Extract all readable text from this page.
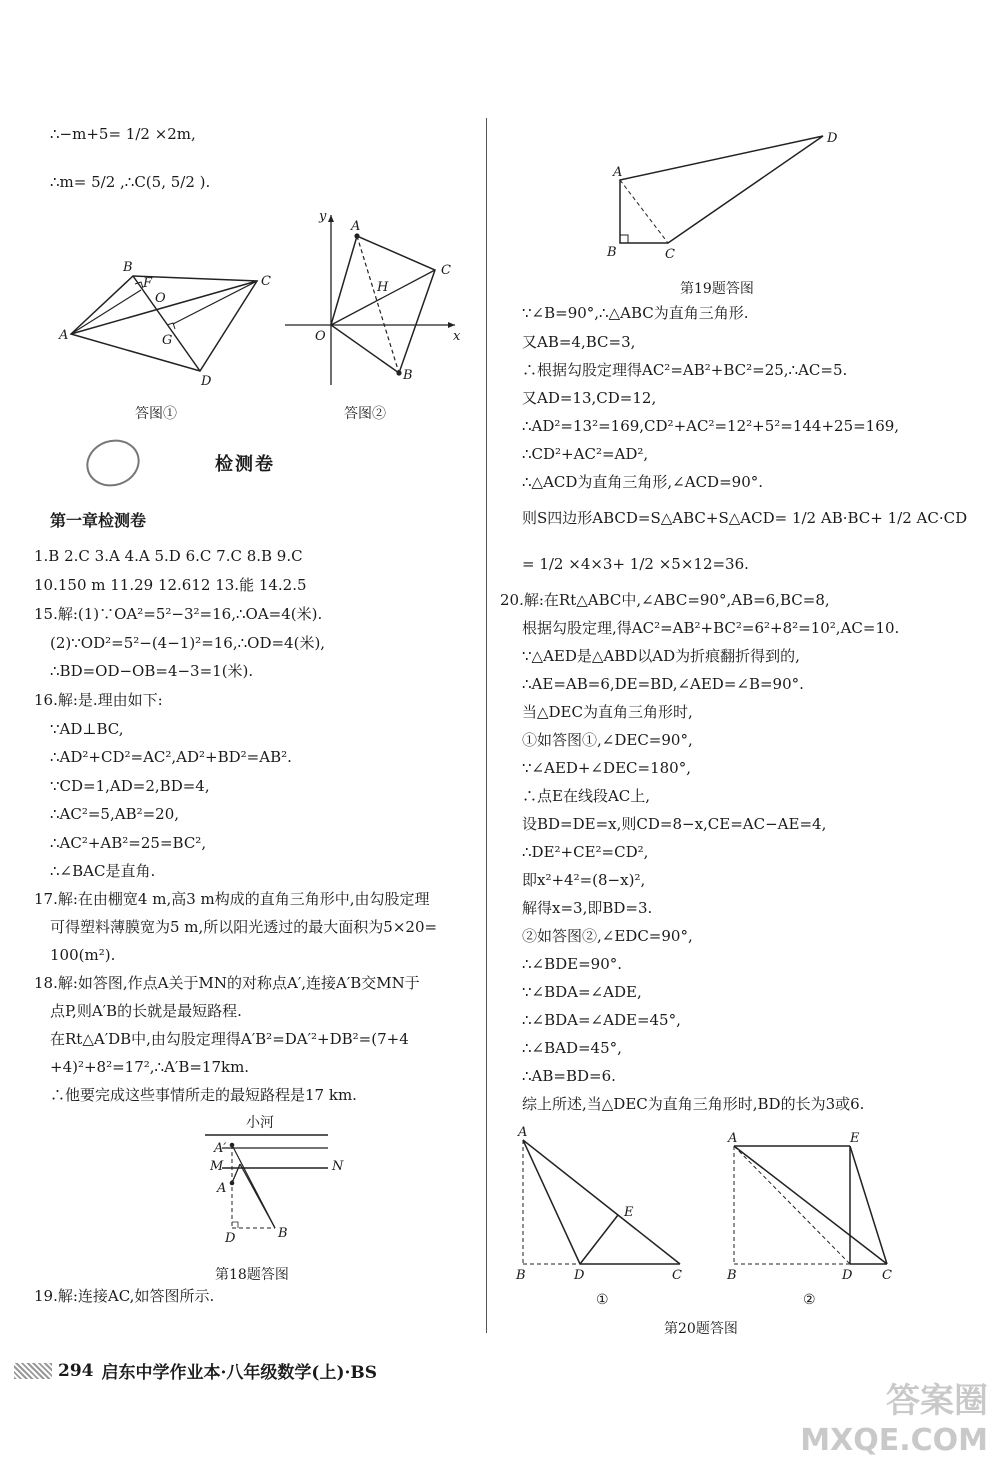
∴−m+5= 1/2 ×2m,
∴m= 5/2 ,∴C(5, 5/2 ).
A
B
C
D
F
O
G
答图①
y
x
O
A
C
B
H
答图②
检测卷
第一章检测卷
1.B 2.C 3.A 4.A 5.D 6.C 7.C 8.B 9.C
10.150 m 11.29 12.612 13.能 14.2.5
15.解:(1)∵OA²=5²−3²=16,∴OA=4(米).
(2)∵OD²=5²−(4−1)²=16,∴OD=4(米),
∴BD=OD−OB=4−3=1(米).
16.解:是.理由如下:
∵AD⊥BC,
∴AD²+CD²=AC²,AD²+BD²=AB².
∵CD=1,AD=2,BD=4,
∴AC²=5,AB²=20,
∴AC²+AB²=25=BC²,
∴∠BAC是直角.
17.解:在由棚宽4 m,高3 m构成的直角三角形中,由勾股定理
可得塑料薄膜宽为5 m,所以阳光透过的最大面积为5×20=
100(m²).
18.解:如答图,作点A关于MN的对称点A′,连接A′B交MN于
点P,则A′B的长就是最短路程.
在Rt△A′DB中,由勾股定理得A′B²=DA′²+DB²=(7+4
+4)²+8²=17²,∴A′B=17km.
∴他要完成这些事情所走的最短路程是17 km.
小河
M	N
A′
A
D	B
第18题答图
19.解:连接AC,如答图所示.
A
B	C
D
第19题答图
∵∠B=90°,∴△ABC为直角三角形.
又AB=4,BC=3,
∴根据勾股定理得AC²=AB²+BC²=25,∴AC=5.
又AD=13,CD=12,
∴AD²=13²=169,CD²+AC²=12²+5²=144+25=169,
∴CD²+AC²=AD²,
∴△ACD为直角三角形,∠ACD=90°.
则S四边形ABCD=S△ABC+S△ACD= 1/2 AB·BC+ 1/2 AC·CD
= 1/2 ×4×3+ 1/2 ×5×12=36.
20.解:在Rt△ABC中,∠ABC=90°,AB=6,BC=8,
根据勾股定理,得AC²=AB²+BC²=6²+8²=10²,AC=10.
∵△AED是△ABD以AD为折痕翻折得到的,
∴AE=AB=6,DE=BD,∠AED=∠B=90°.
当△DEC为直角三角形时,
①如答图①,∠DEC=90°,
∵∠AED+∠DEC=180°,
∴点E在线段AC上,
设BD=DE=x,则CD=8−x,CE=AC−AE=4,
∴DE²+CE²=CD²,
即x²+4²=(8−x)²,
解得x=3,即BD=3.
②如答图②,∠EDC=90°,
∴∠BDE=90°.
∵∠BDA=∠ADE,
∴∠BDA=∠ADE=45°,
∴∠BAD=45°,
∴AB=BD=6.
综上所述,当△DEC为直角三角形时,BD的长为3或6.
A
B	D	C
E
①
A	E
B	D C
②
第20题答图
294 启东中学作业本·八年级数学(上)·BS
答案圈
MXQE.COM
